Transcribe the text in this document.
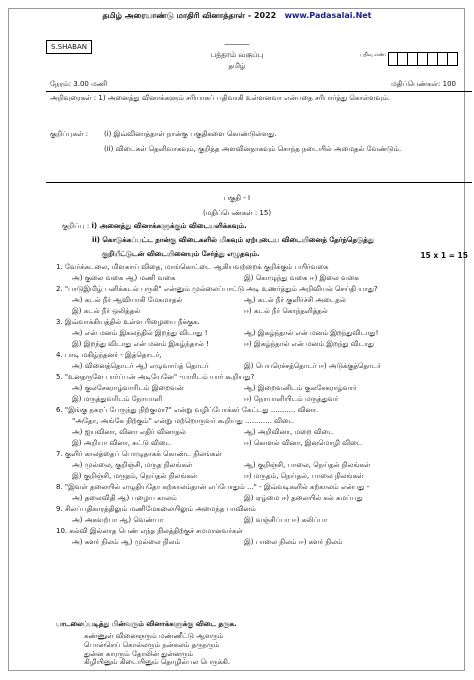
தமிழ் அரையாண்டு மாதிரி வினாத்தாள் - 2022 www.Padasalai.Net
S.SHABAN
_______
பத்தாம் வகுப்பு
தமிழ்
பதிவு எண்:
நேரம்: 3.00 மணி	மதிப்பெண்கள்: 100
அறிவுரைகள் : 1) அனைத்து வினாக்களும் சரியாகப் பதிவாகி உள்ளனவா என்பதை சரிபார்த்து கொள்ளவும்.
குறிப்புகள் :	(i) இவ்வினாத்தாள் நான்கு பகுதிகளை கொண்டுள்ளது.
(ii) விடைகள் தெளிவாகவும், குறித்த அளவினதாகவும் சொந்த நடையில் அமைதல் வேண்டும்.
பகுதி - I
(மதிப்பெண்கள் : 15)
குறிப்பு : i) அனைத்து வினாக்களுக்கும் விடையளிக்கவும்.
ii) கொடுக்கப்பட்ட நான்கு விடைகளில் மிகவும் ஏற்புடைய விடையினைத் தேர்ந்தெடுத்து
குறியீட்டுடன் விடையினையும் சேர்த்து எழுதவும்.	15 x 1 = 15
1. வேர்க்கடலை, மிளகாய் விதை, மாங்கொட்டை ஆகியவற்றைக் குறிக்கும் பயிர்வகை
அ) குலை வகை ஆ) மணி வகை	இ) கொழுந்து வகை ஈ) இலை வகை
2. "பாடுஇமிழ் பனிக்கடல் பருகி" என்னும் முல்லைப்பாட்டு அடி உணர்த்தும் அறிவியல் செய்தி யாது?
அ) கடல் நீர் ஆவியாகி மேகமாதல்	ஆ) கடல் நீர் குளிர்ச்சி அடைதல்
இ) கடல் நீர் ஒலித்தல்	ஈ) கடல் நீர் கொந்தளித்தல்
3. இவ்வாக்கியத்தில் உள்ள பிழையை நீக்குக.
அ) என் மனம் இகலந்தில் இறந்து விடாது !	ஆ) இகழ்ந்தால் என் மனம் இறந்துவிடாது!
இ) இறந்து விடாது என் மனம் இகழ்ந்தால் !	ஈ) இகழ்ந்தால் என் மனம் இறந்து விடாது
4. பாடி மகிழ்ந்தனர் - இத்தொடர்,
அ) வினைத்தொடர் ஆ) எழுவாய்த் தொடர்	இ) பெயரெச்சத்தொடர் ஈ) அடுக்குத்தொடர்
5. "உனதருளே பார்ப்பன் அடியேனே" -யாரிடம் யார் கூறியது?
அ) குலசேகராழ்வாரிடம் இறைவன்	ஆ) இறைவனிடம் குலசேகராழ்வார்
இ) மருத்துவரிடம் நோயாளி	ஈ) நோயாளியிடம் மருத்துவர்
6. "இங்கு நகரப் பேருந்து நிற்குமா?" என்று வழிப்போக்கர் கேட்டது ........... வினா.
"அதோ, அங்கே நிற்கும்" என்று மற்றொருவர் கூறியது ............ விடை
அ) ஐயவினா, வினா எதிர் வினாதல்	ஆ) அறிவினா, மறை விடை
இ) அறியா வினா, சுட்டு விடை	ஈ) கொளல் வினா, இனமொழி விடை
7. குளிர் காலத்தைப் பொழுதாகக் கொண்ட நிலங்கள்
அ) முல்லை, குறிஞ்சி, மருத நிலங்கள்	ஆ) குறிஞ்சி, பாலை, நெய்தல் நிலங்கள்
இ) குறிஞ்சி, மருதம், நெய்தல் நிலங்கள்	ஈ) மருதம், நெய்தல், பாலை நிலங்கள்
8. "இவள் தலையில் எழுதியதோ கற்காலம்தான் எப்போதும் ..." - இவ்வடிகளில் கற்காலம் என்பது -
அ) தலைவிதி ஆ) பழைய காலம்	இ) ஏழ்மை ஈ) தலையில் கல் சுமப்பது
9. சிலப்பதிகாரத்திலும் மணிமேகலையிலும் அமைந்த பாவினம்
அ) அகவற்பா ஆ) வெண்பா	இ) வஞ்சிப்பா ஈ) கலிப்பா
10. கல்வி இல்லாத பெண் எந்த நிலத்திற்குச் சமமானவர்கள்
அ) களர் நிலம் ஆ) முல்லை நிலம்	இ) பாலை நிலம் ஈ) களர் நிலம்
பாடலைப்படித்து பின்வரும் வினாக்களுக்கு விடை தருக.
கண்ணுள் வினைஞரும் மண்ணீட்டு ஆளரும்
பொன்செய் கொல்லரும் நன்கலம் தருநரும்
துன்ன காரரும் தோலின் துன்னரும்
கிழியினும் கிடையினும் தொழில்பல பெருக்கி.
